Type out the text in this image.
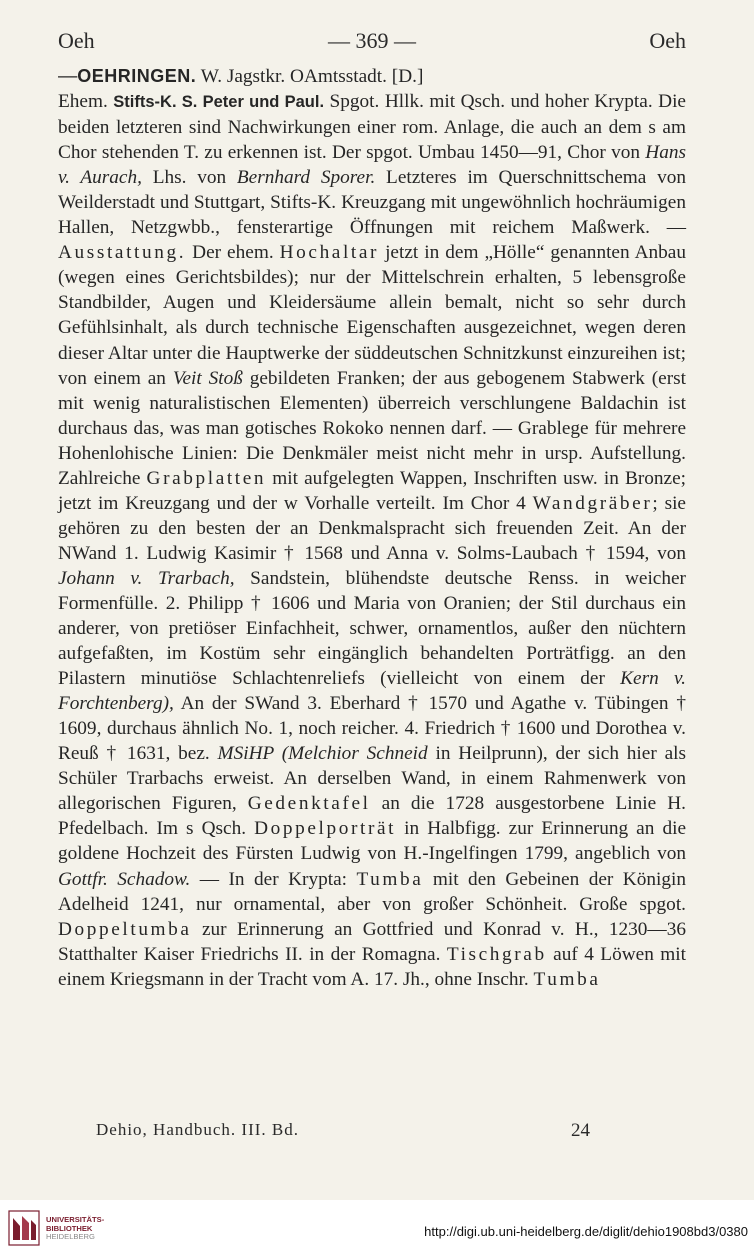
Oeh	— 369 —	Oeh

—OEHRINGEN. W. Jagstkr. OAmtsstadt. [D.]
Ehem. Stifts-K. S. Peter und Paul. Spgot. Hllk. mit Qsch. und hoher Krypta. Die beiden letzteren sind Nachwirkungen einer rom. Anlage, die auch an dem s am Chor stehenden T. zu erkennen ist. Der spgot. Umbau 1450—91, Chor von Hans v. Aurach, Lhs. von Bernhard Sporer. Letzteres im Querschnittschema von Weilderstadt und Stuttgart, Stifts-K. Kreuzgang mit ungewöhnlich hochräumigen Hallen, Netzgwbb., fensterartige Öffnungen mit reichem Maßwerk. — Ausstattung. Der ehem. Hochaltar jetzt in dem „Hölle“ genannten Anbau (wegen eines Gerichtsbildes); nur der Mittelschrein erhalten, 5 lebensgroße Standbilder, Augen und Kleidersäume allein bemalt, nicht so sehr durch Gefühlsinhalt, als durch technische Eigenschaften ausgezeichnet, wegen deren dieser Altar unter die Hauptwerke der süddeutschen Schnitzkunst einzureihen ist; von einem an Veit Stoß gebildeten Franken; der aus gebogenem Stabwerk (erst mit wenig naturalistischen Elementen) überreich verschlungene Baldachin ist durchaus das, was man gotisches Rokoko nennen darf. — Grablege für mehrere Hohenlohische Linien: Die Denkmäler meist nicht mehr in ursp. Aufstellung. Zahlreiche Grabplatten mit aufgelegten Wappen, Inschriften usw. in Bronze; jetzt im Kreuzgang und der w Vorhalle verteilt. Im Chor 4 Wandgräber; sie gehören zu den besten der an Denkmalspracht sich freuenden Zeit. An der NWand 1. Ludwig Kasimir † 1568 und Anna v. Solms-Laubach † 1594, von Johann v. Trarbach, Sandstein, blühendste deutsche Renss. in weicher Formenfülle. 2. Philipp † 1606 und Maria von Oranien; der Stil durchaus ein anderer, von pretiöser Einfachheit, schwer, ornamentlos, außer den nüchtern aufgefaßten, im Kostüm sehr eingänglich behandelten Porträtfigg. an den Pilastern minutiöse Schlachtenreliefs (vielleicht von einem der Kern v. Forchtenberg), An der SWand 3. Eberhard † 1570 und Agathe v. Tübingen † 1609, durchaus ähnlich No. 1, noch reicher. 4. Friedrich † 1600 und Dorothea v. Reuß † 1631, bez. MSiHP (Melchior Schneid in Heilprunn), der sich hier als Schüler Trarbachs erweist. An derselben Wand, in einem Rahmenwerk von allegorischen Figuren, Gedenktafel an die 1728 ausgestorbene Linie H. Pfedelbach. Im s Qsch. Doppelporträt in Halbfigg. zur Erinnerung an die goldene Hochzeit des Fürsten Ludwig von H.-Ingelfingen 1799, angeblich von Gottfr. Schadow. — In der Krypta: Tumba mit den Gebeinen der Königin Adelheid 1241, nur ornamental, aber von großer Schönheit. Große spgot. Doppeltumba zur Erinnerung an Gottfried und Konrad v. H., 1230—36 Statthalter Kaiser Friedrichs II. in der Romagna. Tischgrab auf 4 Löwen mit einem Kriegsmann in der Tracht vom A. 17. Jh., ohne Inschr. Tumba

Dehio, Handbuch. III. Bd.	24
UNIVERSITÄTS-
BIBLIOTHEK
HEIDELBERG	http://digi.ub.uni-heidelberg.de/diglit/dehio1908bd3/0380
